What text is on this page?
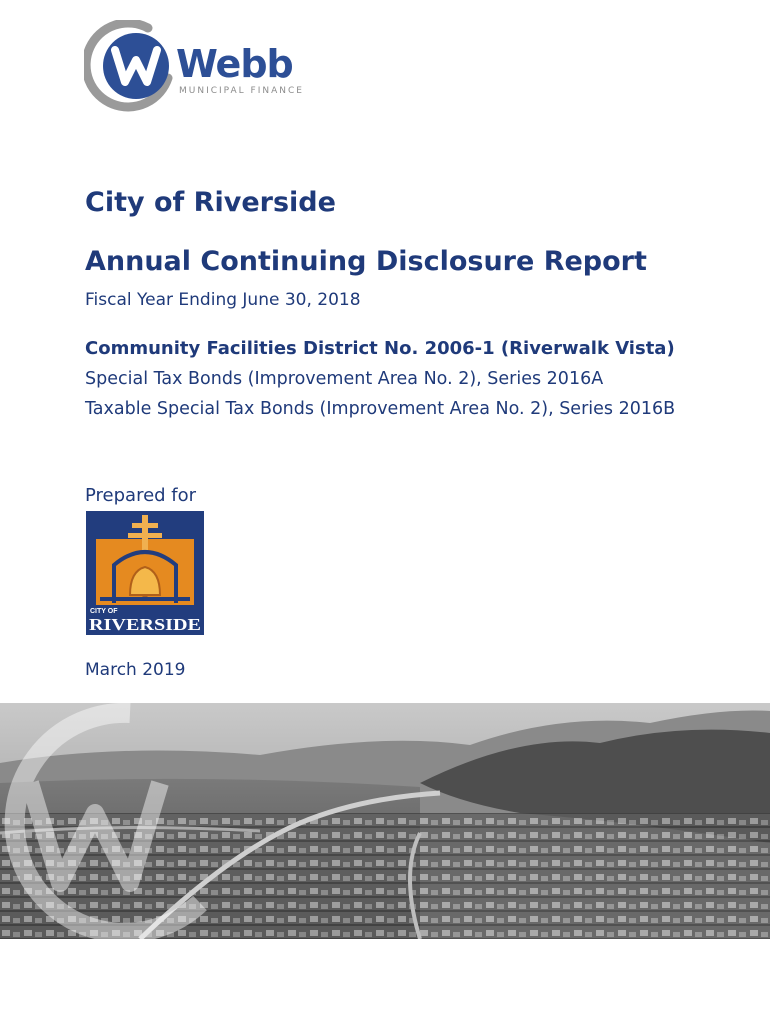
Webb
MUNICIPAL FINANCE
City of Riverside
Annual Continuing Disclosure Report

Fiscal Year Ending June 30, 2018

Community Facilities District No. 2006-1 (Riverwalk Vista)

Special Tax Bonds (Improvement Area No. 2), Series 2016A

Taxable Special Tax Bonds (Improvement Area No. 2), Series 2016B

Prepared for

CITY OF
RIVERSIDE

March 2019
